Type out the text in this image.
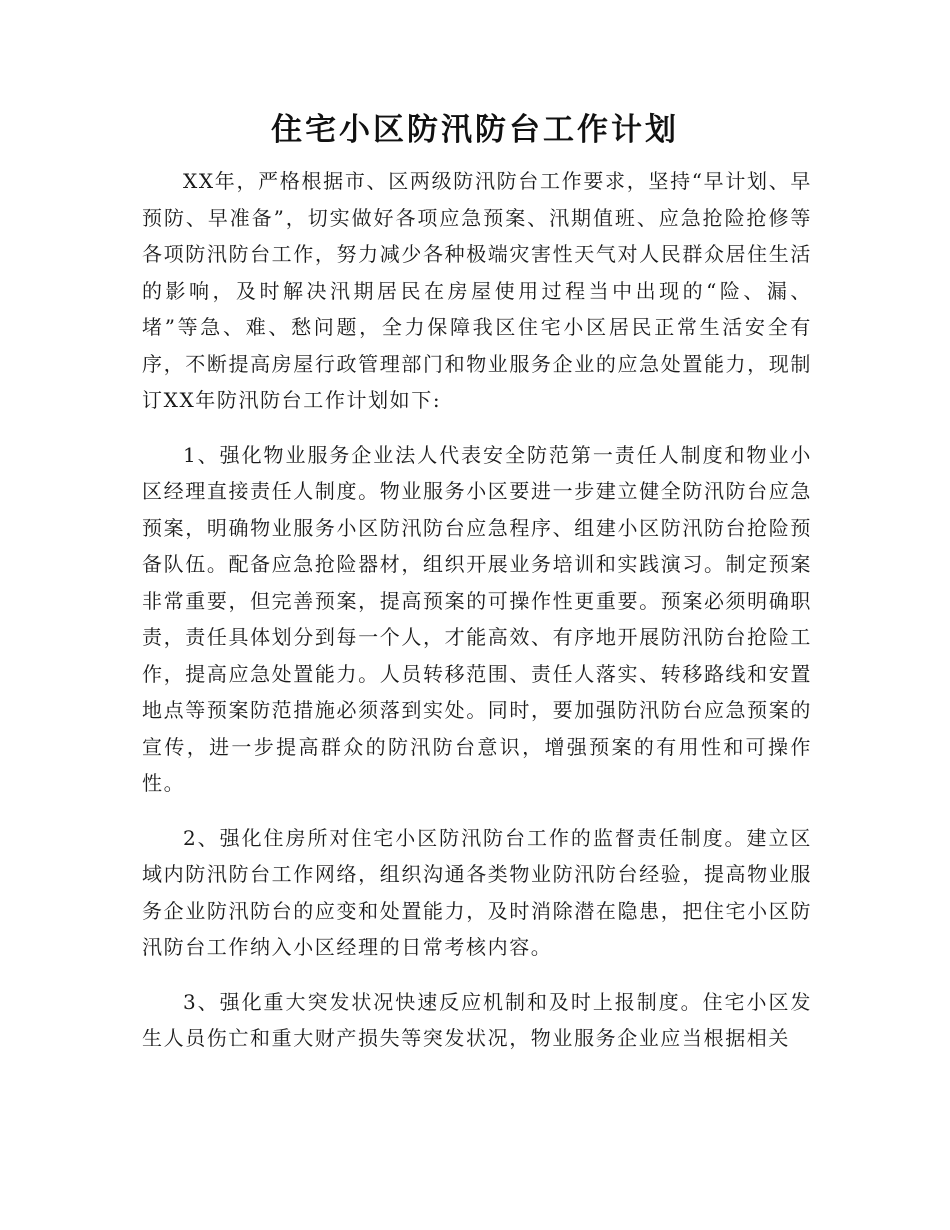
住宅小区防汛防台工作计划

XX年，严格根据市、区两级防汛防台工作要求，坚持“早计划、早预防、早准备”，切实做好各项应急预案、汛期值班、应急抢险抢修等各项防汛防台工作，努力减少各种极端灾害性天气对人民群众居住生活的影响，及时解决汛期居民在房屋使用过程当中出现的“险、漏、堵”等急、难、愁问题，全力保障我区住宅小区居民正常生活安全有序，不断提高房屋行政管理部门和物业服务企业的应急处置能力，现制订XX年防汛防台工作计划如下:

1、强化物业服务企业法人代表安全防范第一责任人制度和物业小区经理直接责任人制度。物业服务小区要进一步建立健全防汛防台应急预案，明确物业服务小区防汛防台应急程序、组建小区防汛防台抢险预备队伍。配备应急抢险器材，组织开展业务培训和实践演习。制定预案非常重要，但完善预案，提高预案的可操作性更重要。预案必须明确职责，责任具体划分到每一个人，才能高效、有序地开展防汛防台抢险工作，提高应急处置能力。人员转移范围、责任人落实、转移路线和安置地点等预案防范措施必须落到实处。同时，要加强防汛防台应急预案的宣传，进一步提高群众的防汛防台意识，增强预案的有用性和可操作性。

2、强化住房所对住宅小区防汛防台工作的监督责任制度。建立区域内防汛防台工作网络，组织沟通各类物业防汛防台经验，提高物业服务企业防汛防台的应变和处置能力，及时消除潜在隐患，把住宅小区防汛防台工作纳入小区经理的日常考核内容。

3、强化重大突发状况快速反应机制和及时上报制度。住宅小区发生人员伤亡和重大财产损失等突发状况，物业服务企业应当根据相关
